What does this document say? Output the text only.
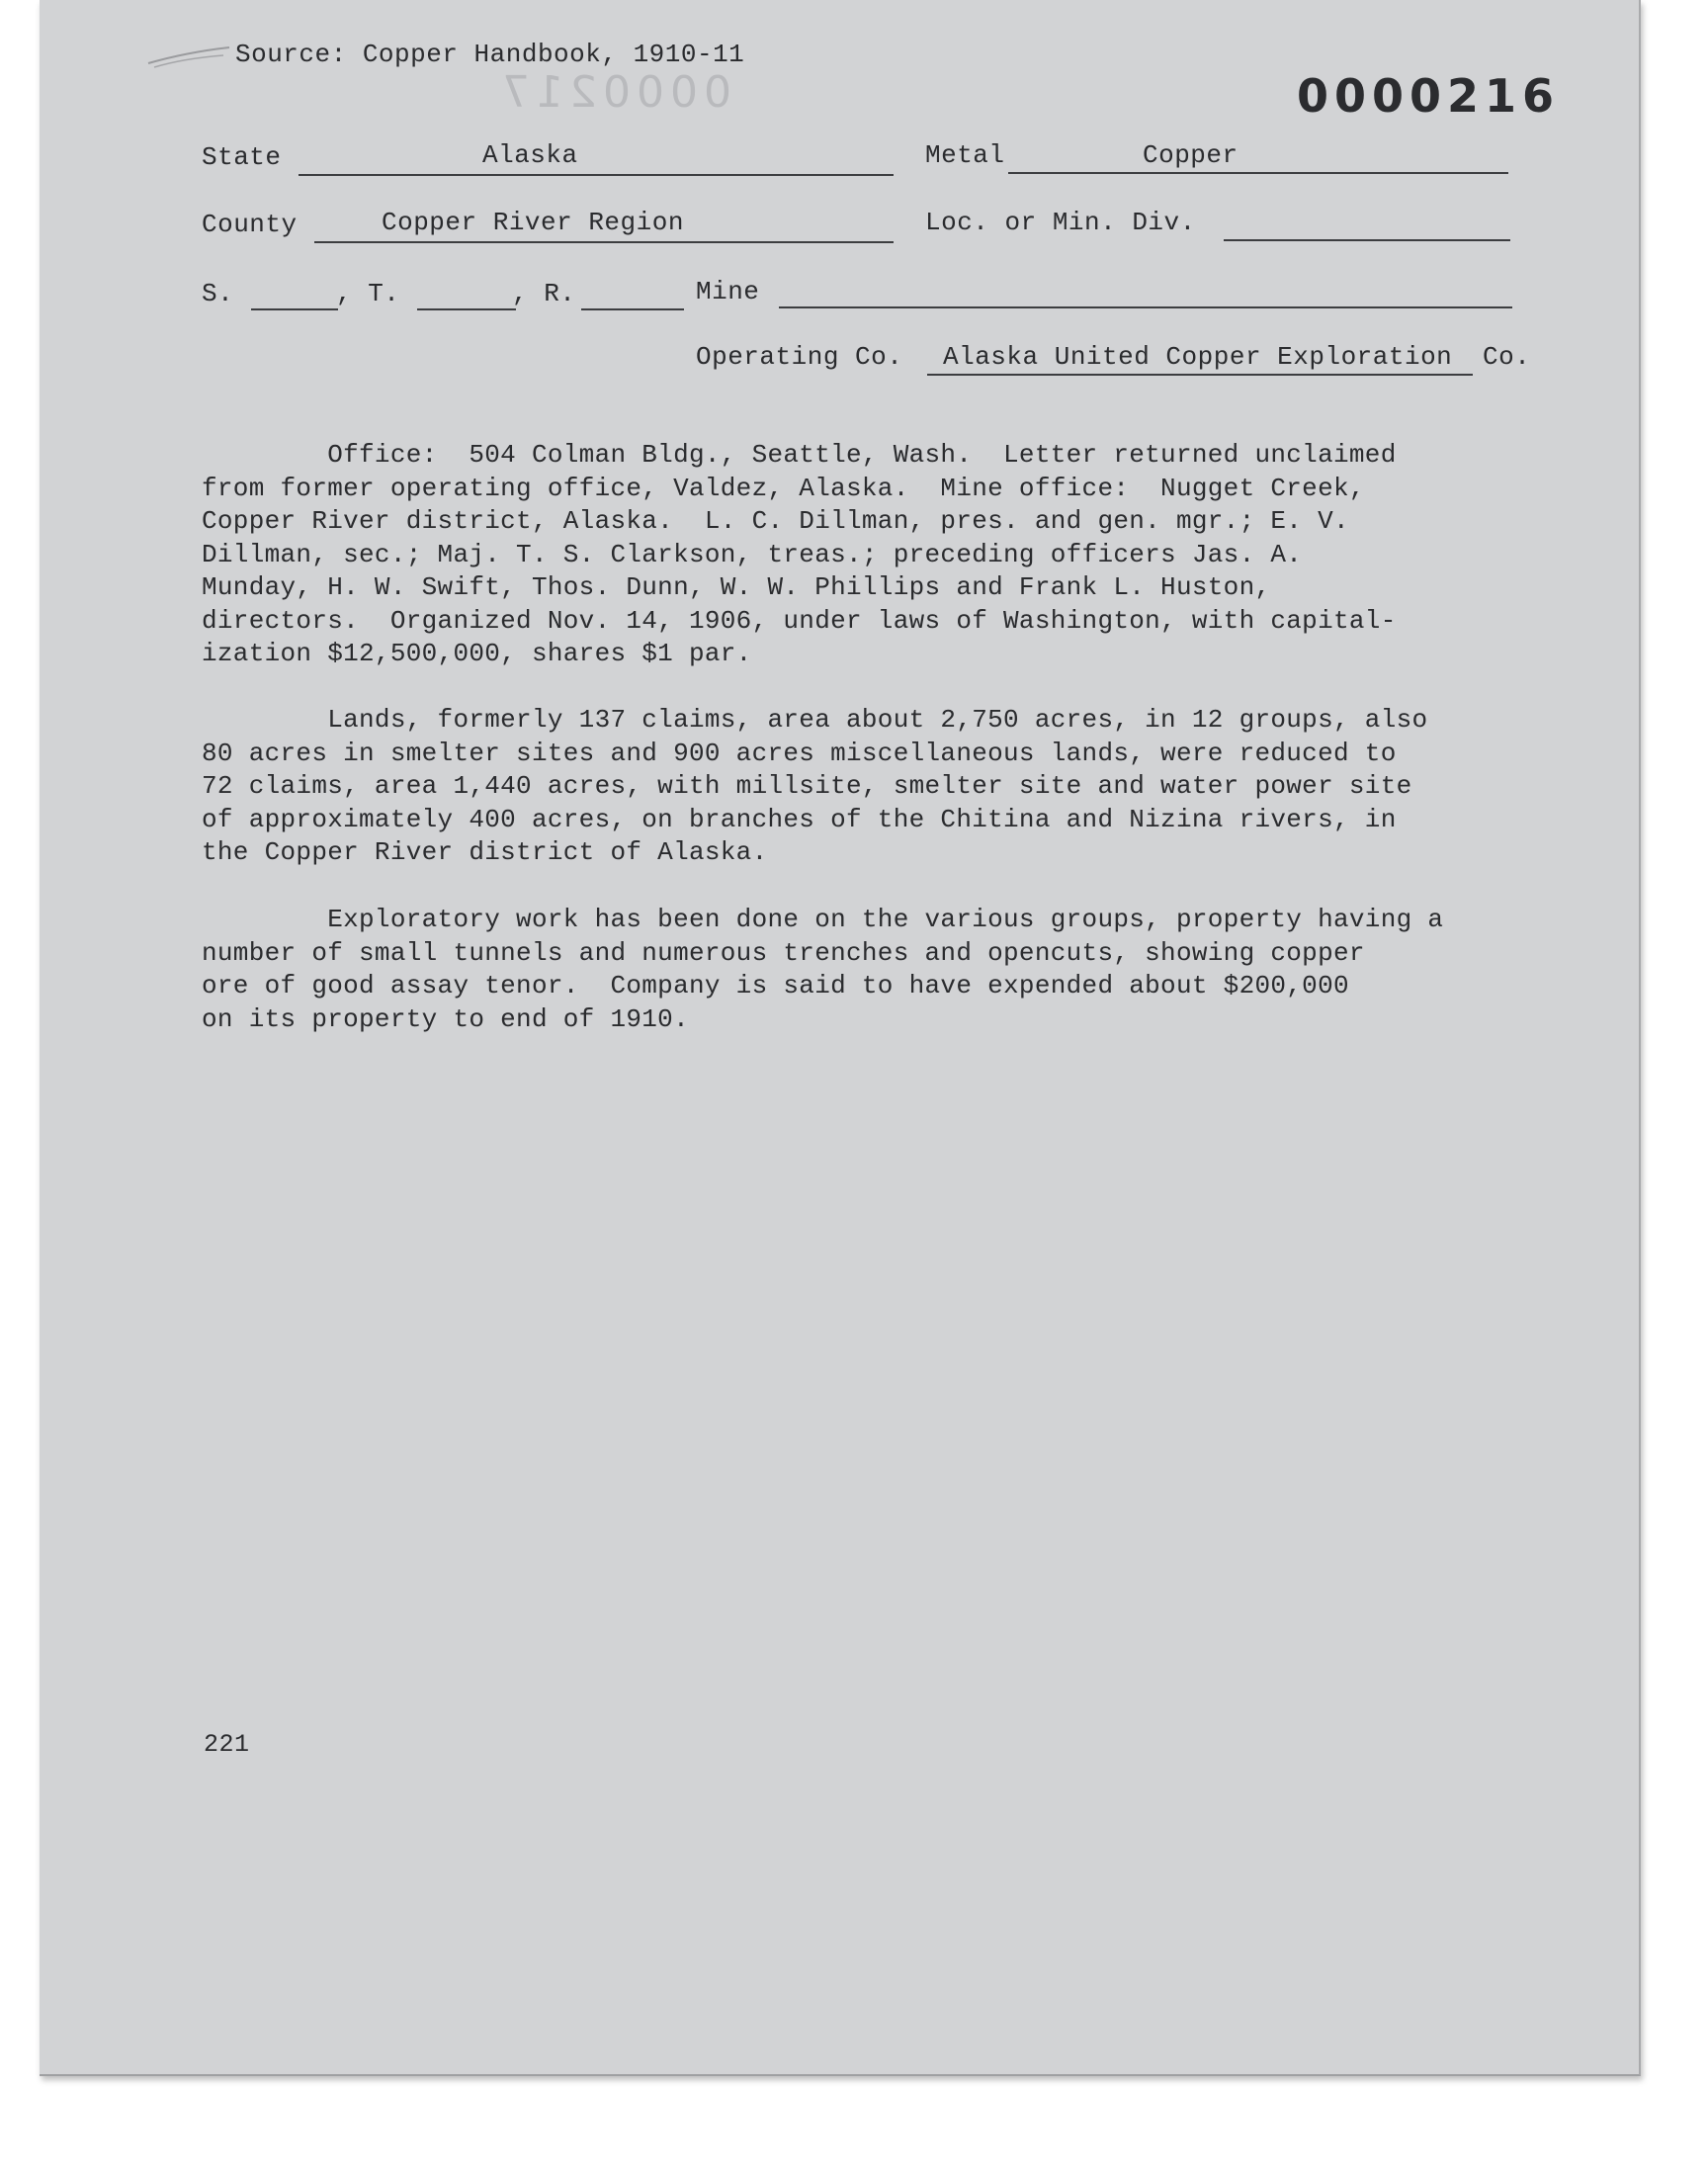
Source: Copper Handbook, 1910-11
0000217	0000216
State	Alaska	Metal	Copper
County	Copper River Region	Loc. or Min. Div.
S.	, T.	, R.	Mine
Operating Co. Alaska United Copper Exploration Co.
Office:  504 Colman Bldg., Seattle, Wash.  Letter returned unclaimed
from former operating office, Valdez, Alaska.  Mine office:  Nugget Creek,
Copper River district, Alaska.  L. C. Dillman, pres. and gen. mgr.; E. V.
Dillman, sec.; Maj. T. S. Clarkson, treas.; preceding officers Jas. A.
Munday, H. W. Swift, Thos. Dunn, W. W. Phillips and Frank L. Huston,
directors.  Organized Nov. 14, 1906, under laws of Washington, with capital-
ization $12,500,000, shares $1 par.
Lands, formerly 137 claims, area about 2,750 acres, in 12 groups, also
80 acres in smelter sites and 900 acres miscellaneous lands, were reduced to
72 claims, area 1,440 acres, with millsite, smelter site and water power site
of approximately 400 acres, on branches of the Chitina and Nizina rivers, in
the Copper River district of Alaska.
Exploratory work has been done on the various groups, property having a
number of small tunnels and numerous trenches and opencuts, showing copper
ore of good assay tenor.  Company is said to have expended about $200,000
on its property to end of 1910.
221
